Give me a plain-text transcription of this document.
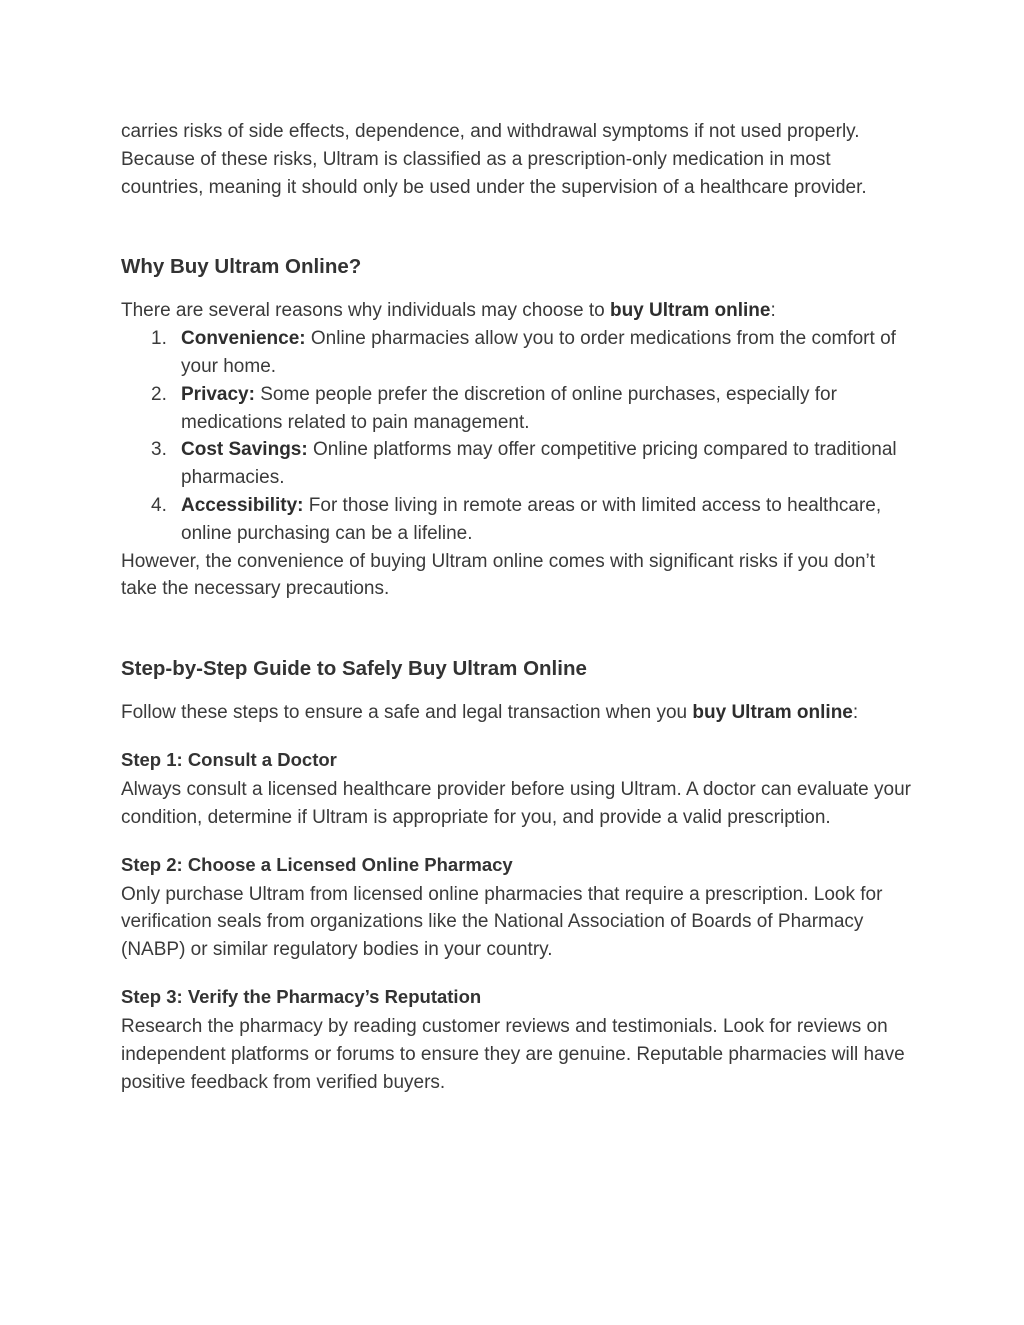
carries risks of side effects, dependence, and withdrawal symptoms if not used properly.

Because of these risks, Ultram is classified as a prescription-only medication in most countries, meaning it should only be used under the supervision of a healthcare provider.

Why Buy Ultram Online?

There are several reasons why individuals may choose to buy Ultram online:

1. Convenience: Online pharmacies allow you to order medications from the comfort of your home.
2. Privacy: Some people prefer the discretion of online purchases, especially for medications related to pain management.
3. Cost Savings: Online platforms may offer competitive pricing compared to traditional pharmacies.
4. Accessibility: For those living in remote areas or with limited access to healthcare, online purchasing can be a lifeline.

However, the convenience of buying Ultram online comes with significant risks if you don’t take the necessary precautions.

Step-by-Step Guide to Safely Buy Ultram Online

Follow these steps to ensure a safe and legal transaction when you buy Ultram online:

Step 1: Consult a Doctor

Always consult a licensed healthcare provider before using Ultram. A doctor can evaluate your condition, determine if Ultram is appropriate for you, and provide a valid prescription.

Step 2: Choose a Licensed Online Pharmacy

Only purchase Ultram from licensed online pharmacies that require a prescription. Look for verification seals from organizations like the National Association of Boards of Pharmacy (NABP) or similar regulatory bodies in your country.

Step 3: Verify the Pharmacy’s Reputation

Research the pharmacy by reading customer reviews and testimonials. Look for reviews on independent platforms or forums to ensure they are genuine. Reputable pharmacies will have positive feedback from verified buyers.
